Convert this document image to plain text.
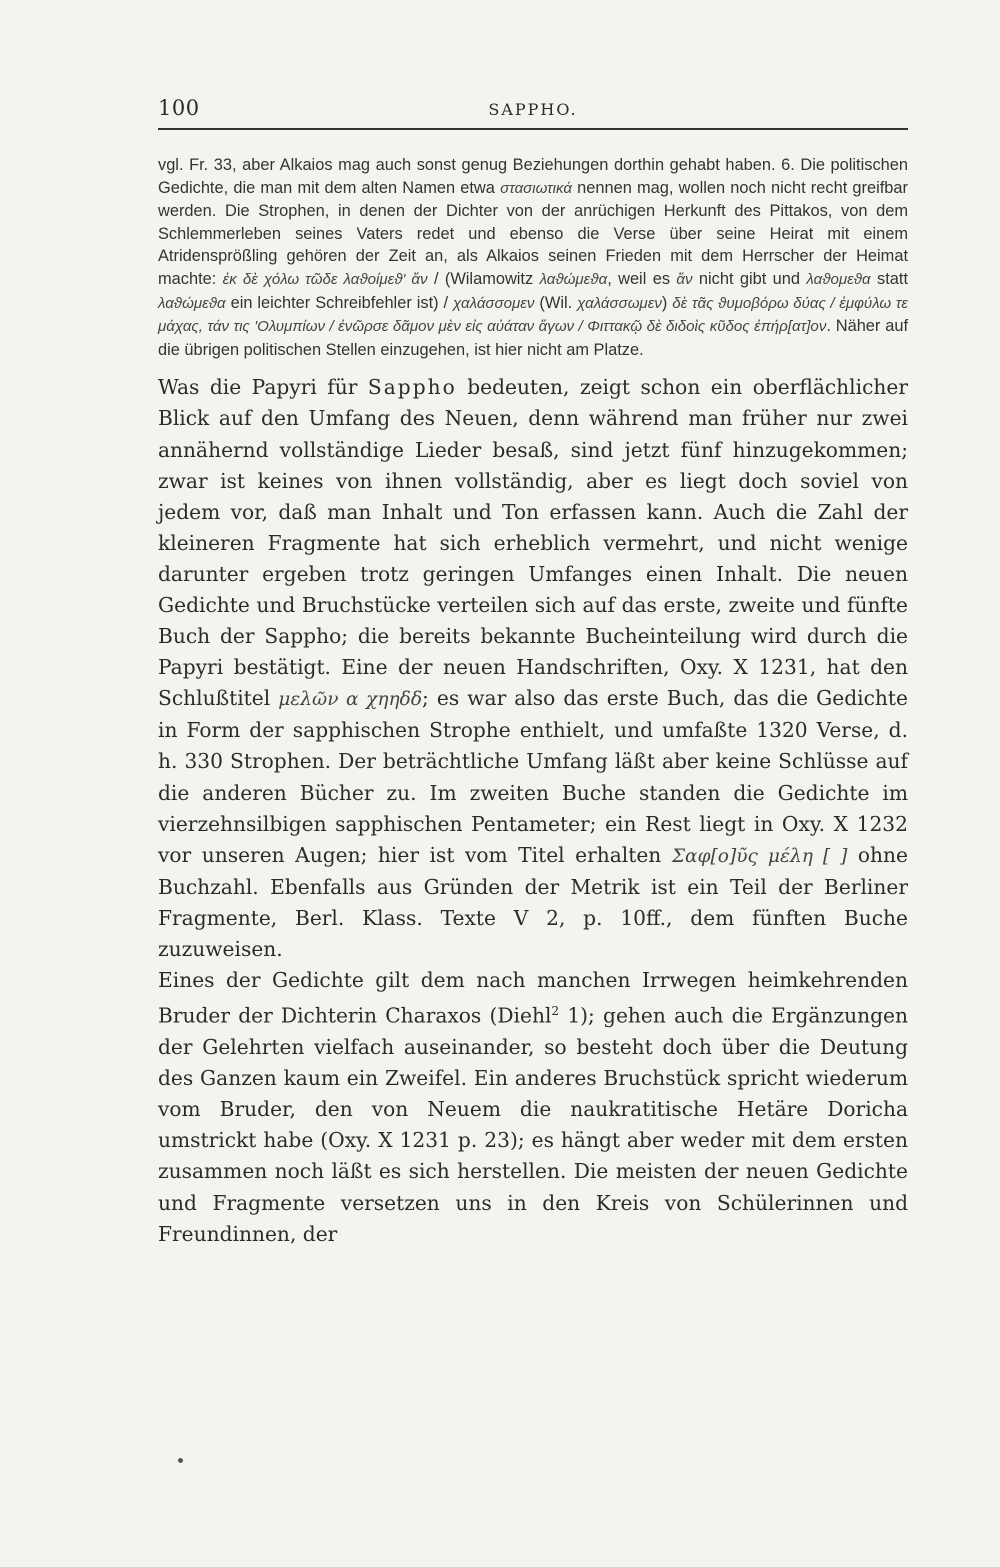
100	SAPPHO.

vgl. Fr. 33, aber Alkaios mag auch sonst genug Beziehungen dorthin gehabt haben. 6. Die politischen Gedichte, die man mit dem alten Namen etwa στασιωτικά nennen mag, wollen noch nicht recht greifbar werden. Die Strophen, in denen der Dichter von der anrüchigen Herkunft des Pittakos, von dem Schlemmerleben seines Vaters redet und ebenso die Verse über seine Heirat mit einem Atridensprößling gehören der Zeit an, als Alkaios seinen Frieden mit dem Herrscher der Heimat machte: ἐκ δὲ χόλω τῶδε λαϑοίμεϑ' ἄν / (Wilamowitz λαϑώμεϑα, weil es ἄν nicht gibt und λαϑομεϑα statt λαϑώμεϑα ein leichter Schreibfehler ist) / χαλάσσομεν (Wil. χαλάσσωμεν) δὲ τᾶς ϑυμοβόρω δύας / ἐμφύλω τε μάχας, τάν τις 'Ολυμπίων / ἐνῶρσε δᾶμον μὲν εἰς αὐάταν ἄγων / Φιττακῷ δὲ διδοὶς κῦδος ἐπήρ[ατ]ον. Näher auf die übrigen politischen Stellen einzugehen, ist hier nicht am Platze.

Was die Papyri für Sappho bedeuten, zeigt schon ein oberflächlicher Blick auf den Umfang des Neuen, denn während man früher nur zwei annähernd vollständige Lieder besaß, sind jetzt fünf hinzugekommen; zwar ist keines von ihnen vollständig, aber es liegt doch soviel von jedem vor, daß man Inhalt und Ton erfassen kann. Auch die Zahl der kleineren Fragmente hat sich erheblich vermehrt, und nicht wenige darunter ergeben trotz geringen Umfanges einen Inhalt. Die neuen Gedichte und Bruchstücke verteilen sich auf das erste, zweite und fünfte Buch der Sappho; die bereits bekannte Bucheinteilung wird durch die Papyri bestätigt. Eine der neuen Handschriften, Oxy. X 1231, hat den Schlußtitel μελῶν α χηηδδ; es war also das erste Buch, das die Gedichte in Form der sapphischen Strophe enthielt, und umfaßte 1320 Verse, d. h. 330 Strophen. Der beträchtliche Umfang läßt aber keine Schlüsse auf die anderen Bücher zu. Im zweiten Buche standen die Gedichte im vierzehnsilbigen sapphischen Pentameter; ein Rest liegt in Oxy. X 1232 vor unseren Augen; hier ist vom Titel erhalten Σαφ[ο]ῦς μέλη [ ] ohne Buchzahl. Ebenfalls aus Gründen der Metrik ist ein Teil der Berliner Fragmente, Berl. Klass. Texte V 2, p. 10ff., dem fünften Buche zuzuweisen.

Eines der Gedichte gilt dem nach manchen Irrwegen heimkehrenden Bruder der Dichterin Charaxos (Diehl$^2$ 1); gehen auch die Ergänzungen der Gelehrten vielfach auseinander, so besteht doch über die Deutung des Ganzen kaum ein Zweifel. Ein anderes Bruchstück spricht wiederum vom Bruder, den von Neuem die naukratitische Hetäre Doricha umstrickt habe (Oxy. X 1231 p. 23); es hängt aber weder mit dem ersten zusammen noch läßt es sich herstellen. Die meisten der neuen Gedichte und Fragmente versetzen uns in den Kreis von Schülerinnen und Freundinnen, der
